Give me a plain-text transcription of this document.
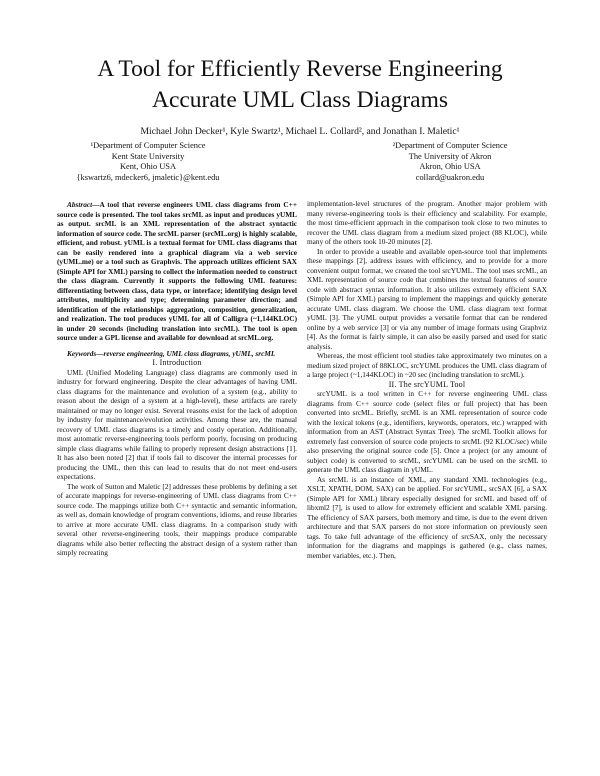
A Tool for Efficiently Reverse Engineering
Accurate UML Class Diagrams
Michael John Decker¹, Kyle Swartz¹, Michael L. Collard², and Jonathan I. Maletic¹
¹Department of Computer Science
Kent State University
Kent, Ohio USA
{kswartz6, mdecker6, jmaletic}@kent.edu
²Department of Computer Science
The University of Akron
Akron, Ohio USA
collard@uakron.edu

Abstract—A tool that reverse engineers UML class diagrams from C++ source code is presented. The tool takes srcML as input and produces yUML as output. srcML is an XML representation of the abstract syntactic information of source code. The srcML parser (srcML.org) is highly scalable, efficient, and robust. yUML is a textual format for UML class diagrams that can be easily rendered into a graphical diagram via a web service (yUML.me) or a tool such as Graphvis. The approach utilizes efficient SAX (Simple API for XML) parsing to collect the information needed to construct the class diagram. Currently it supports the following UML features: differentiating between class, data type, or interface; identifying design level attributes, multiplicity and type; determining parameter direction; and identification of the relationships aggregation, composition, generalization, and realization. The tool produces yUML for all of Calligra (~1,144KLOC) in under 20 seconds (including translation into srcML). The tool is open source under a GPL license and available for download at srcML.org.

Keywords—reverse engineering, UML class diagrams, yUML, srcML

I. Introduction

UML (Unified Modeling Language) class diagrams are commonly used in industry for forward engineering. Despite the clear advantages of having UML class diagrams for the maintenance and evolution of a system (e.g., ability to reason about the design of a system at a high-level), these artifacts are rarely maintained or may no longer exist. Several reasons exist for the lack of adoption by industry for maintenance/evolution activities. Among these are, the manual recovery of UML class diagrams is a timely and costly operation. Additionally, most automatic reverse-engineering tools perform poorly, focusing on producing simple class diagrams while failing to properly represent design abstractions [1]. It has also been noted [2] that if tools fail to discover the internal processes for producing the UML, then this can lead to results that do not meet end-users expectations.

The work of Sutton and Maletic [2] addresses these problems by defining a set of accurate mappings for reverse-engineering of UML class diagrams from C++ source code. The mappings utilize both C++ syntactic and semantic information, as well as, domain knowledge of program conventions, idioms, and reuse libraries to arrive at more accurate UML class diagrams. In a comparison study with several other reverse-engineering tools, their mappings produce comparable diagrams while also better reflecting the abstract design of a system rather than simply recreating

implementation-level structures of the program. Another major problem with many reverse-engineering tools is their efficiency and scalability. For example, the most time-efficient approach in the comparison took close to two minutes to recover the UML class diagram from a medium sized project (88 KLOC), while many of the others took 10-20 minutes [2].

In order to provide a useable and available open-source tool that implements these mappings [2], address issues with efficiency, and to provide for a more convenient output format, we created the tool srcYUML. The tool uses srcML, an XML representation of source code that combines the textual features of source code with abstract syntax information. It also utilizes extremely efficient SAX (Simple API for XML) parsing to implement the mappings and quickly generate accurate UML class diagram. We choose the UML class diagram text format yUML [3]. The yUML output provides a versatile format that can be rendered online by a web service [3] or via any number of image formats using Graphviz [4]. As the format is fairly simple, it can also be easily parsed and used for static analysis.

Whereas, the most efficient tool studies take approximately two minutes on a medium sized project of 88KLOC, srcYUML produces the UML class diagram of a large project (~1,144KLOC) in ~20 sec (including translation to srcML).

II. The srcYUML Tool

srcYUML is a tool written in C++ for reverse engineering UML class diagrams from C++ source code (select files or full project) that has been converted into srcML. Briefly, srcML is an XML representation of source code with the lexical tokens (e.g., identifiers, keywords, operators, etc.) wrapped with information from an AST (Abstract Syntax Tree). The srcML Toolkit allows for extremely fast conversion of source code projects to srcML (92 KLOC/sec) while also preserving the original source code [5]. Once a project (or any amount of subject code) is converted to srcML, srcYUML can be used on the srcML to generate the UML class diagram in yUML.

As srcML is an instance of XML, any standard XML technologies (e.g., XSLT, XPATH, DOM, SAX) can be applied. For srcYUML, srcSAX [6], a SAX (Simple API for XML) library especially designed for srcML and based off of libxml2 [7], is used to allow for extremely efficient and scalable XML parsing. The efficiency of SAX parsers, both memory and time, is due to the event driven architecture and that SAX parsers do not store information on previously seen tags. To take full advantage of the efficiency of srcSAX, only the necessary information for the diagrams and mappings is gathered (e.g., class names, member variables, etc.). Then,
